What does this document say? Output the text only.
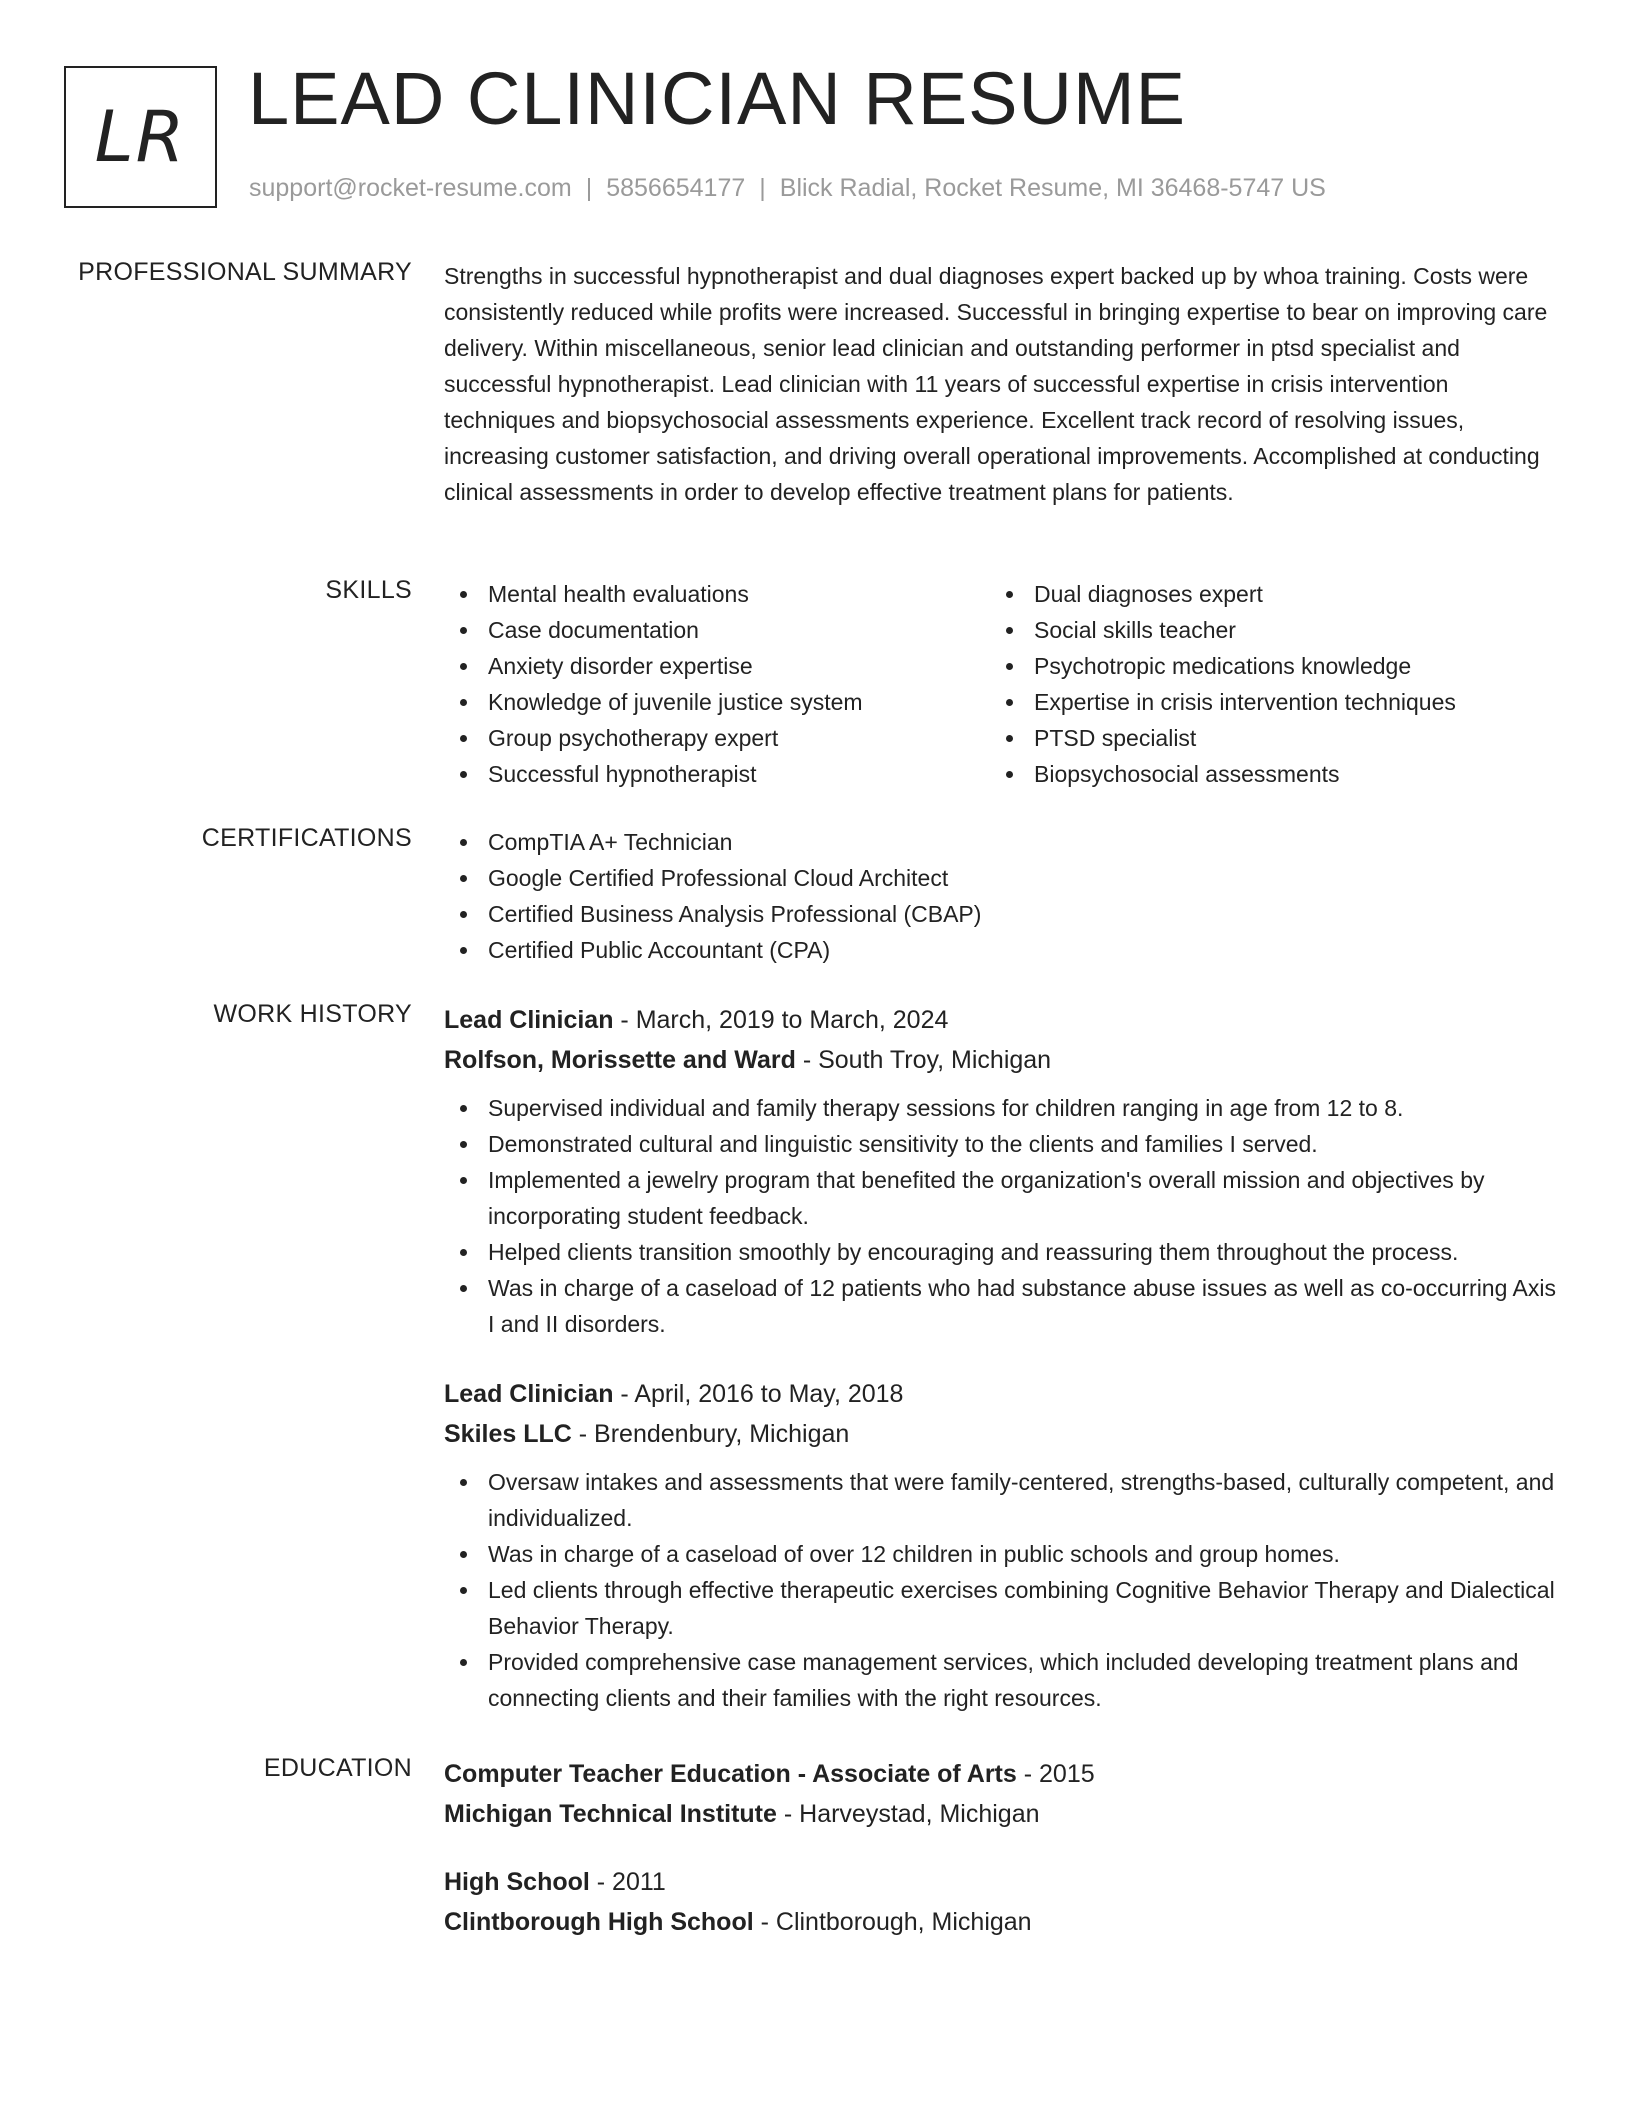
LR LEAD CLINICIAN RESUME
support@rocket-resume.com | 5856654177 | Blick Radial, Rocket Resume, MI 36468-5747 US
PROFESSIONAL SUMMARY Strengths in successful hypnotherapist and dual diagnoses expert backed up by whoa training. Costs were consistently reduced while profits were increased. Successful in bringing expertise to bear on improving care delivery. Within miscellaneous, senior lead clinician and outstanding performer in ptsd specialist and successful hypnotherapist. Lead clinician with 11 years of successful expertise in crisis intervention techniques and biopsychosocial assessments experience. Excellent track record of resolving issues, increasing customer satisfaction, and driving overall operational improvements. Accomplished at conducting clinical assessments in order to develop effective treatment plans for patients.

SKILLS	Mental health evaluations
Case documentation
Anxiety disorder expertise
Knowledge of juvenile justice system
Group psychotherapy expert
Successful hypnotherapist
Dual diagnoses expert
Social skills teacher
Psychotropic medications knowledge
Expertise in crisis intervention techniques
PTSD specialist
Biopsychosocial assessments
CERTIFICATIONS	CompTIA A+ Technician
Google Certified Professional Cloud Architect
Certified Business Analysis Professional (CBAP)
Certified Public Accountant (CPA)
WORK HISTORY Lead Clinician - March, 2019 to March, 2024
Rolfson, Morissette and Ward - South Troy, Michigan
Supervised individual and family therapy sessions for children ranging in age from 12 to 8.
Demonstrated cultural and linguistic sensitivity to the clients and families I served.
Implemented a jewelry program that benefited the organization's overall mission and objectives by incorporating student feedback.
Helped clients transition smoothly by encouraging and reassuring them throughout the process.
Was in charge of a caseload of 12 patients who had substance abuse issues as well as co-occurring Axis I and II disorders.
Lead Clinician - April, 2016 to May, 2018
Skiles LLC - Brendenbury, Michigan
Oversaw intakes and assessments that were family-centered, strengths-based, culturally competent, and individualized.
Was in charge of a caseload of over 12 children in public schools and group homes.
Led clients through effective therapeutic exercises combining Cognitive Behavior Therapy and Dialectical Behavior Therapy.
Provided comprehensive case management services, which included developing treatment plans and connecting clients and their families with the right resources.
EDUCATION Computer Teacher Education - Associate of Arts - 2015
Michigan Technical Institute - Harveystad, Michigan
High School - 2011
Clintborough High School - Clintborough, Michigan
